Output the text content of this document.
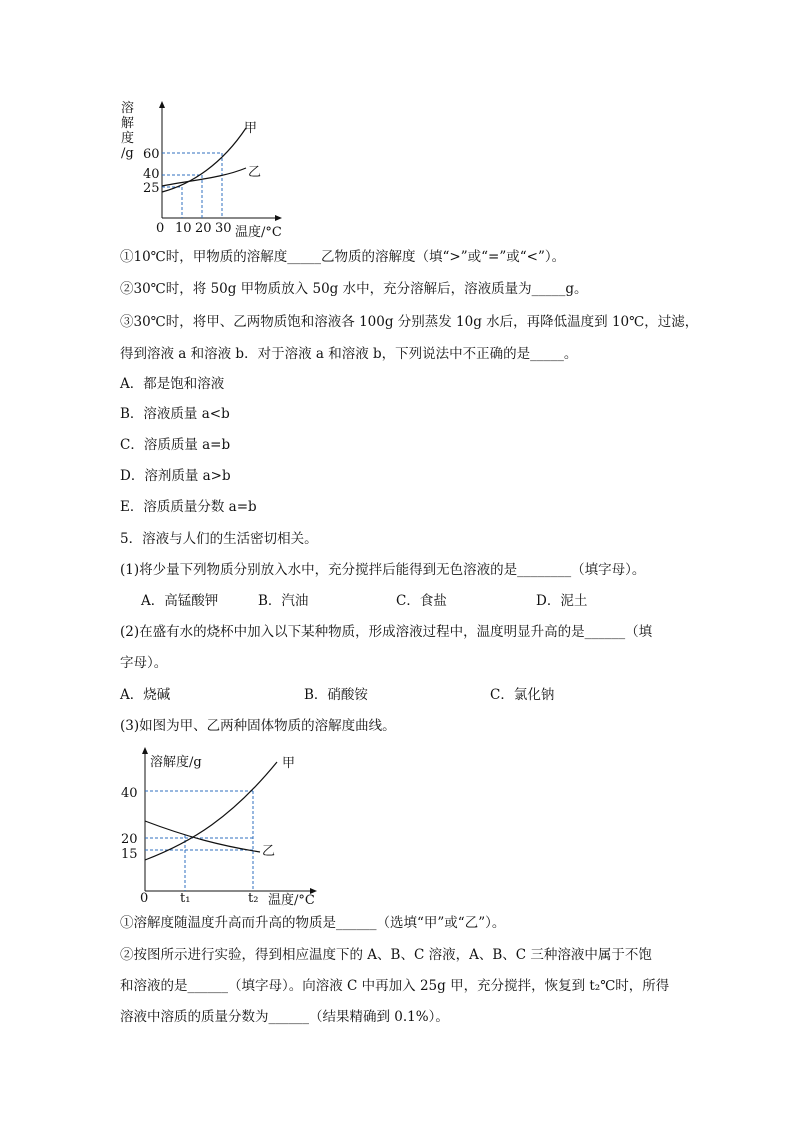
溶
解
度
/g
甲
乙
60
40
25
0 10 20 30 温度/°C
①10℃时，甲物质的溶解度_____乙物质的溶解度（填“>”或“=”或“<”）。
②30℃时，将 50g 甲物质放入 50g 水中，充分溶解后，溶液质量为_____g。
③30℃时，将甲、乙两物质饱和溶液各 100g 分别蒸发 10g 水后，再降低温度到 10℃，过滤，
得到溶液 a 和溶液 b．对于溶液 a 和溶液 b，下列说法中不正确的是_____。
A．都是饱和溶液
B．溶液质量 a<b
C．溶质质量 a=b
D．溶剂质量 a>b
E．溶质质量分数 a=b
5．溶液与人们的生活密切相关。
(1)将少量下列物质分别放入水中，充分搅拌后能得到无色溶液的是________（填字母）。
A．高锰酸钾	B．汽油	C．食盐	D．泥土
(2)在盛有水的烧杯中加入以下某种物质，形成溶液过程中，温度明显升高的是______（填
字母）。
A．烧碱	B．硝酸铵	C．氯化钠
(3)如图为甲、乙两种固体物质的溶解度曲线。
溶解度/g	甲
乙
40
20
15
0 t₁	t₂ 温度/°C
①溶解度随温度升高而升高的物质是______（选填“甲”或“乙”）。
②按图所示进行实验，得到相应温度下的 A、B、C 溶液，A、B、C 三种溶液中属于不饱
和溶液的是______（填字母）。向溶液 C 中再加入 25g 甲，充分搅拌，恢复到 t₂℃时，所得
溶液中溶质的质量分数为______（结果精确到 0.1%）。
